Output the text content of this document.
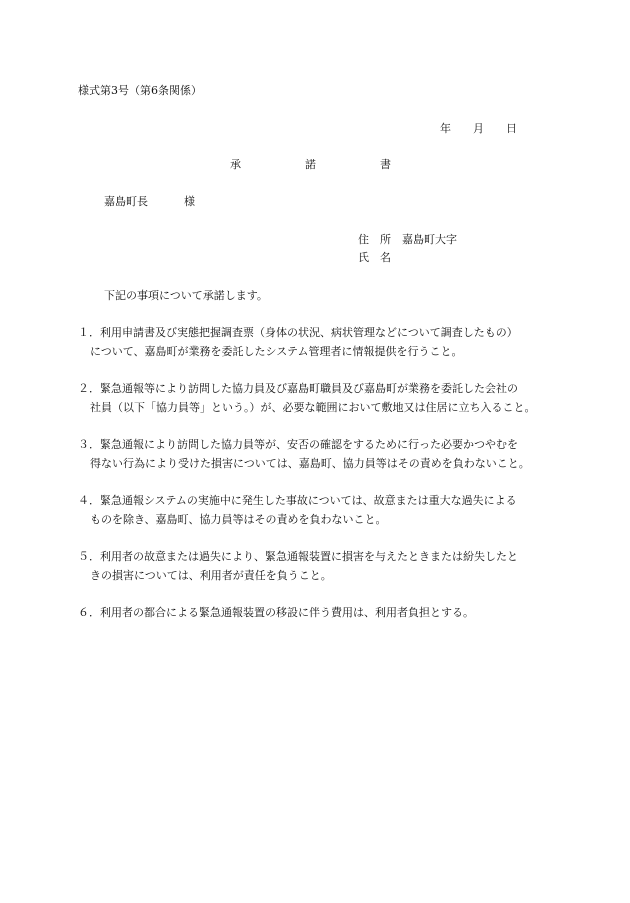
様式第3号（第6条関係）
年 月 日
承	諾	書
嘉島町長	様
住 所 嘉島町大字
氏 名
下記の事項について承諾します。
１．利用申請書及び実態把握調査票（身体の状況、病状管理などについて調査したもの）
について、嘉島町が業務を委託したシステム管理者に情報提供を行うこと。
２．緊急通報等により訪問した協力員及び嘉島町職員及び嘉島町が業務を委託した会社の
社員（以下「協力員等」という。）が、必要な範囲において敷地又は住居に立ち入ること。
３．緊急通報により訪問した協力員等が、安否の確認をするために行った必要かつやむを
得ない行為により受けた損害については、嘉島町、協力員等はその責めを負わないこと。
４．緊急通報システムの実施中に発生した事故については、故意または重大な過失による
ものを除き、嘉島町、協力員等はその責めを負わないこと。
５．利用者の故意または過失により、緊急通報装置に損害を与えたときまたは紛失したと
きの損害については、利用者が責任を負うこと。
６．利用者の都合による緊急通報装置の移設に伴う費用は、利用者負担とする。
